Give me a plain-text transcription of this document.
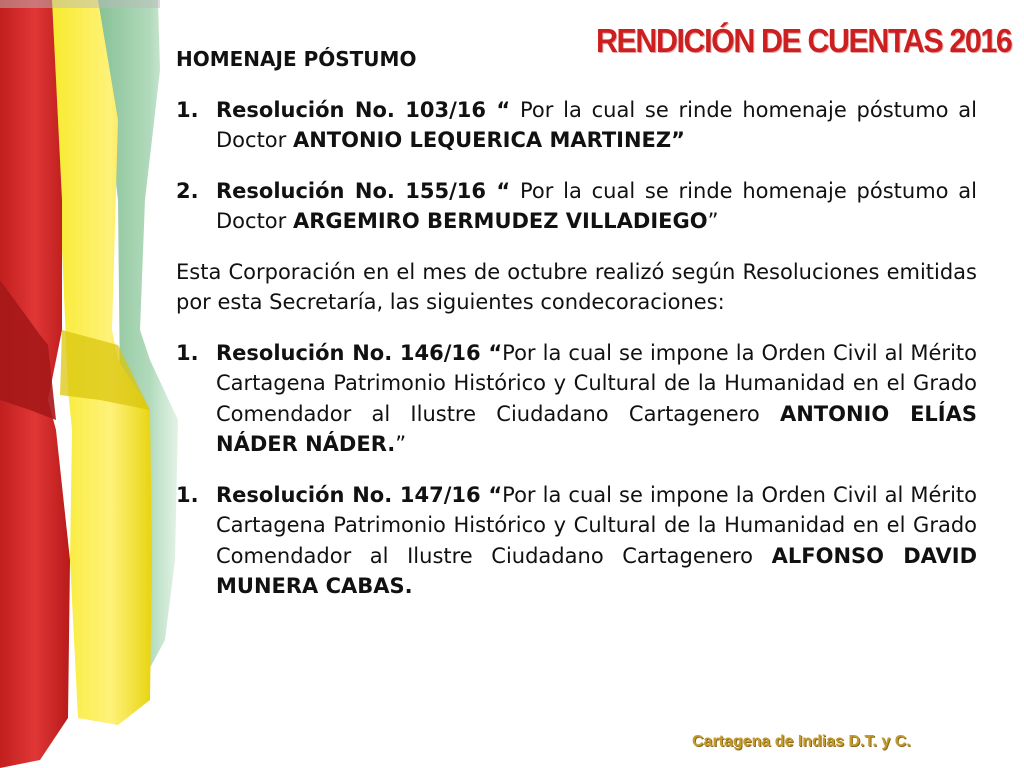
RENDICIÓN DE CUENTAS 2016
HOMENAJE PÓSTUMO
1. Resolución No. 103/16 “ Por la cual se rinde homenaje póstumo al Doctor ANTONIO LEQUERICA MARTINEZ”
2. Resolución No. 155/16 “ Por la cual se rinde homenaje póstumo al Doctor ARGEMIRO BERMUDEZ VILLADIEGO”

Esta Corporación en el mes de octubre realizó según Resoluciones emitidas por esta Secretaría, las siguientes condecoraciones:

1. Resolución No. 146/16 “Por la cual se impone la Orden Civil al Mérito Cartagena Patrimonio Histórico y Cultural de la Humanidad en el Grado Comendador al Ilustre Ciudadano Cartagenero ANTONIO ELÍAS NÁDER NÁDER.”
1. Resolución No. 147/16 “Por la cual se impone la Orden Civil al Mérito Cartagena Patrimonio Histórico y Cultural de la Humanidad en el Grado Comendador al Ilustre Ciudadano Cartagenero ALFONSO DAVID MUNERA CABAS.
Cartagena de Indias D.T. y C.
